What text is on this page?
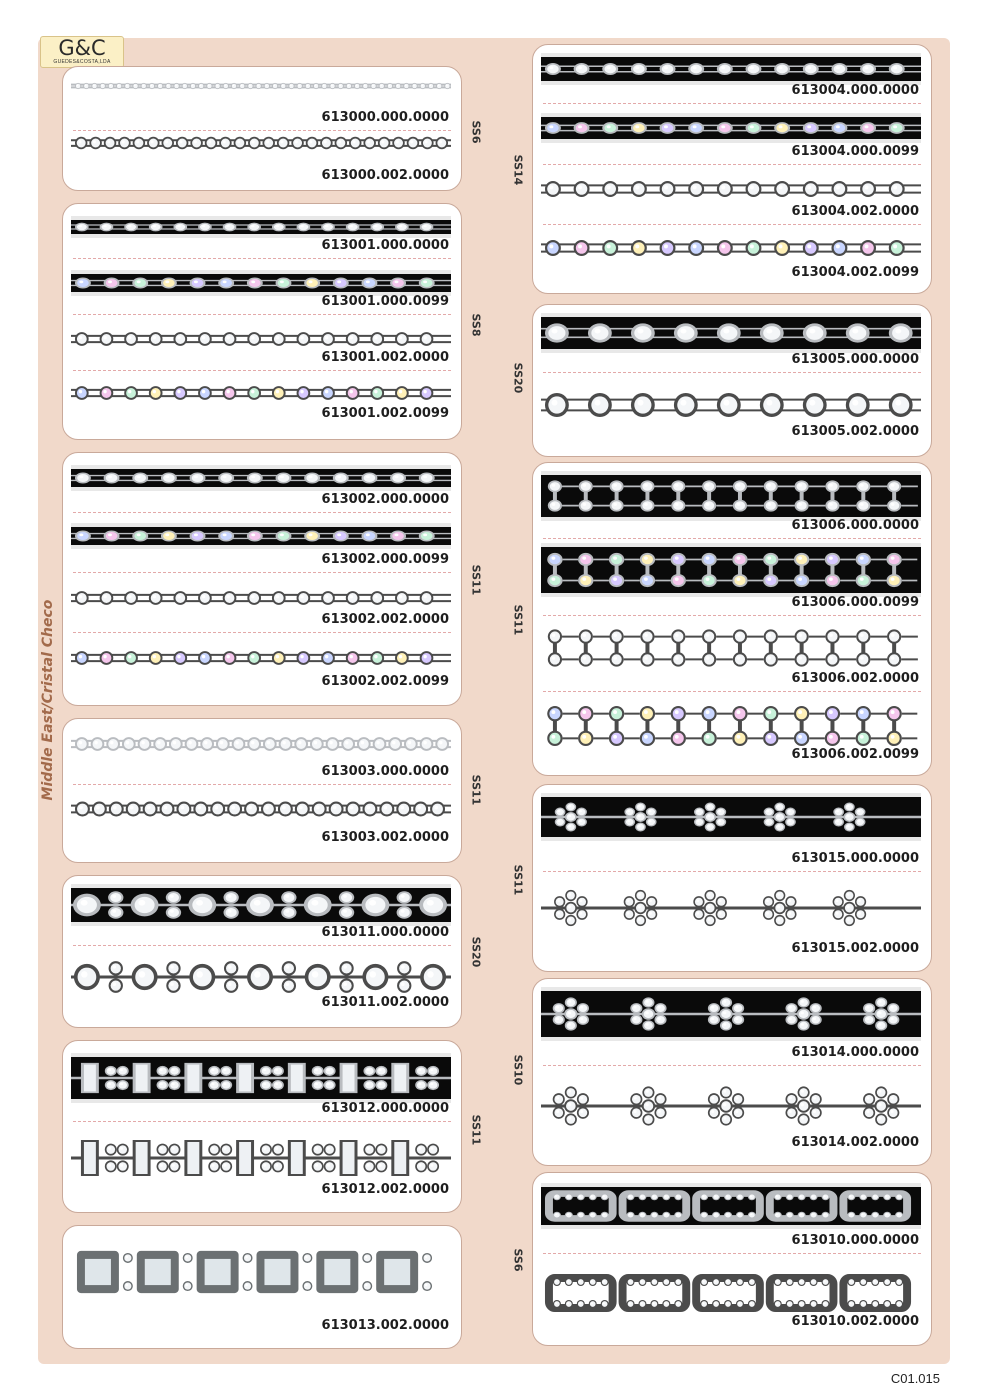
G&C
GUEDES&COSTA,LDA
Middle East/Cristal Checo
613000.000.0000
613000.002.0000
SS6
613001.000.0000
613001.000.0099
613001.002.0000
613001.002.0099
SS8
613002.000.0000
613002.000.0099
613002.002.0000
613002.002.0099
SS11
613003.000.0000
613003.002.0000
SS11
613011.000.0000
613011.002.0000
SS20
613012.000.0000
613012.002.0000
SS11
613013.002.0000
613004.000.0000
613004.000.0099
613004.002.0000
613004.002.0099
SS14
613005.000.0000
613005.002.0000
SS20
613006.000.0000
613006.000.0099
613006.002.0000
613006.002.0099
SS11
613015.000.0000
613015.002.0000
SS11
613014.000.0000
613014.002.0000
SS10
613010.000.0000
613010.002.0000
SS6
C01.015
